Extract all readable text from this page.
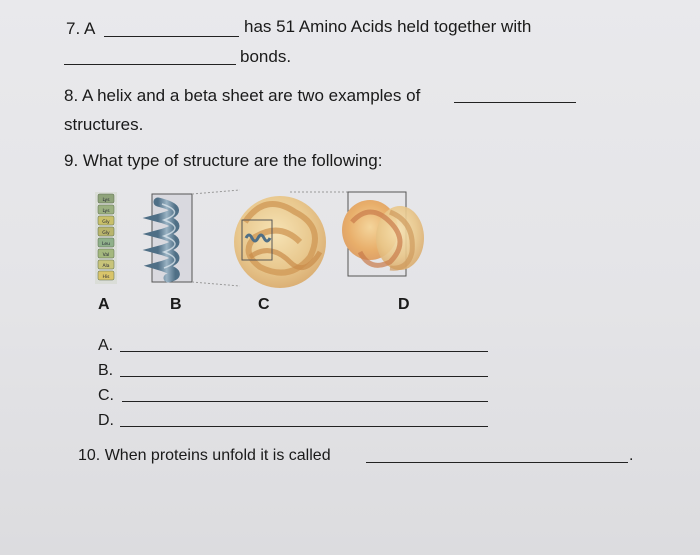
7. A	has 51 Amino Acids held together with
bonds.
8. A helix and a beta sheet are two examples of
structures.
9. What type of structure are the following:
Lys
Lys
Gly
Gly
Leu
Val
Ala
His
A	B	C	D
A.
B.
C.
D.
10. When proteins unfold it is called	.
